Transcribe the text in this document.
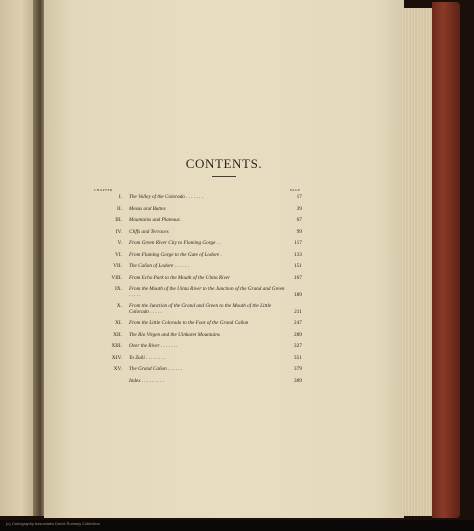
CONTENTS.
CHAPTER	PAGE
I. The Valley of the Colorado . . . . . . .	17
II. Mesas and Buttes	39
III. Mountains and Plateaus	67
IV. Cliffs and Terraces	99
V. From Green River City to Flaming Gorge . .	117
VI. From Flaming Gorge to the Gate of Lodore .	133
VII. The Cañon of Lodore . . . . . .	151
VIII. From Echo Park to the Mouth of the Uinta River	167
IX. From the Mouth of the Uinta River to the Junction of the Grand and Green . . . . .	189
X. From the Junction of the Grand and Green to the Mouth of the Little Colorado . . . . .	211
XI. From the Little Colorado to the Foot of the Grand Cañon	247
XII. The Rio Virgen and the Uinkaret Mountains	289
XIII. Over the River . . . . . . .	327
XIV. To Zuñi . . . . . . . .	351
XV. The Grand Cañon . . . . . .	379
Index . . . . . . . . .	389
(c) Cartography Associates David Rumsey Collection
